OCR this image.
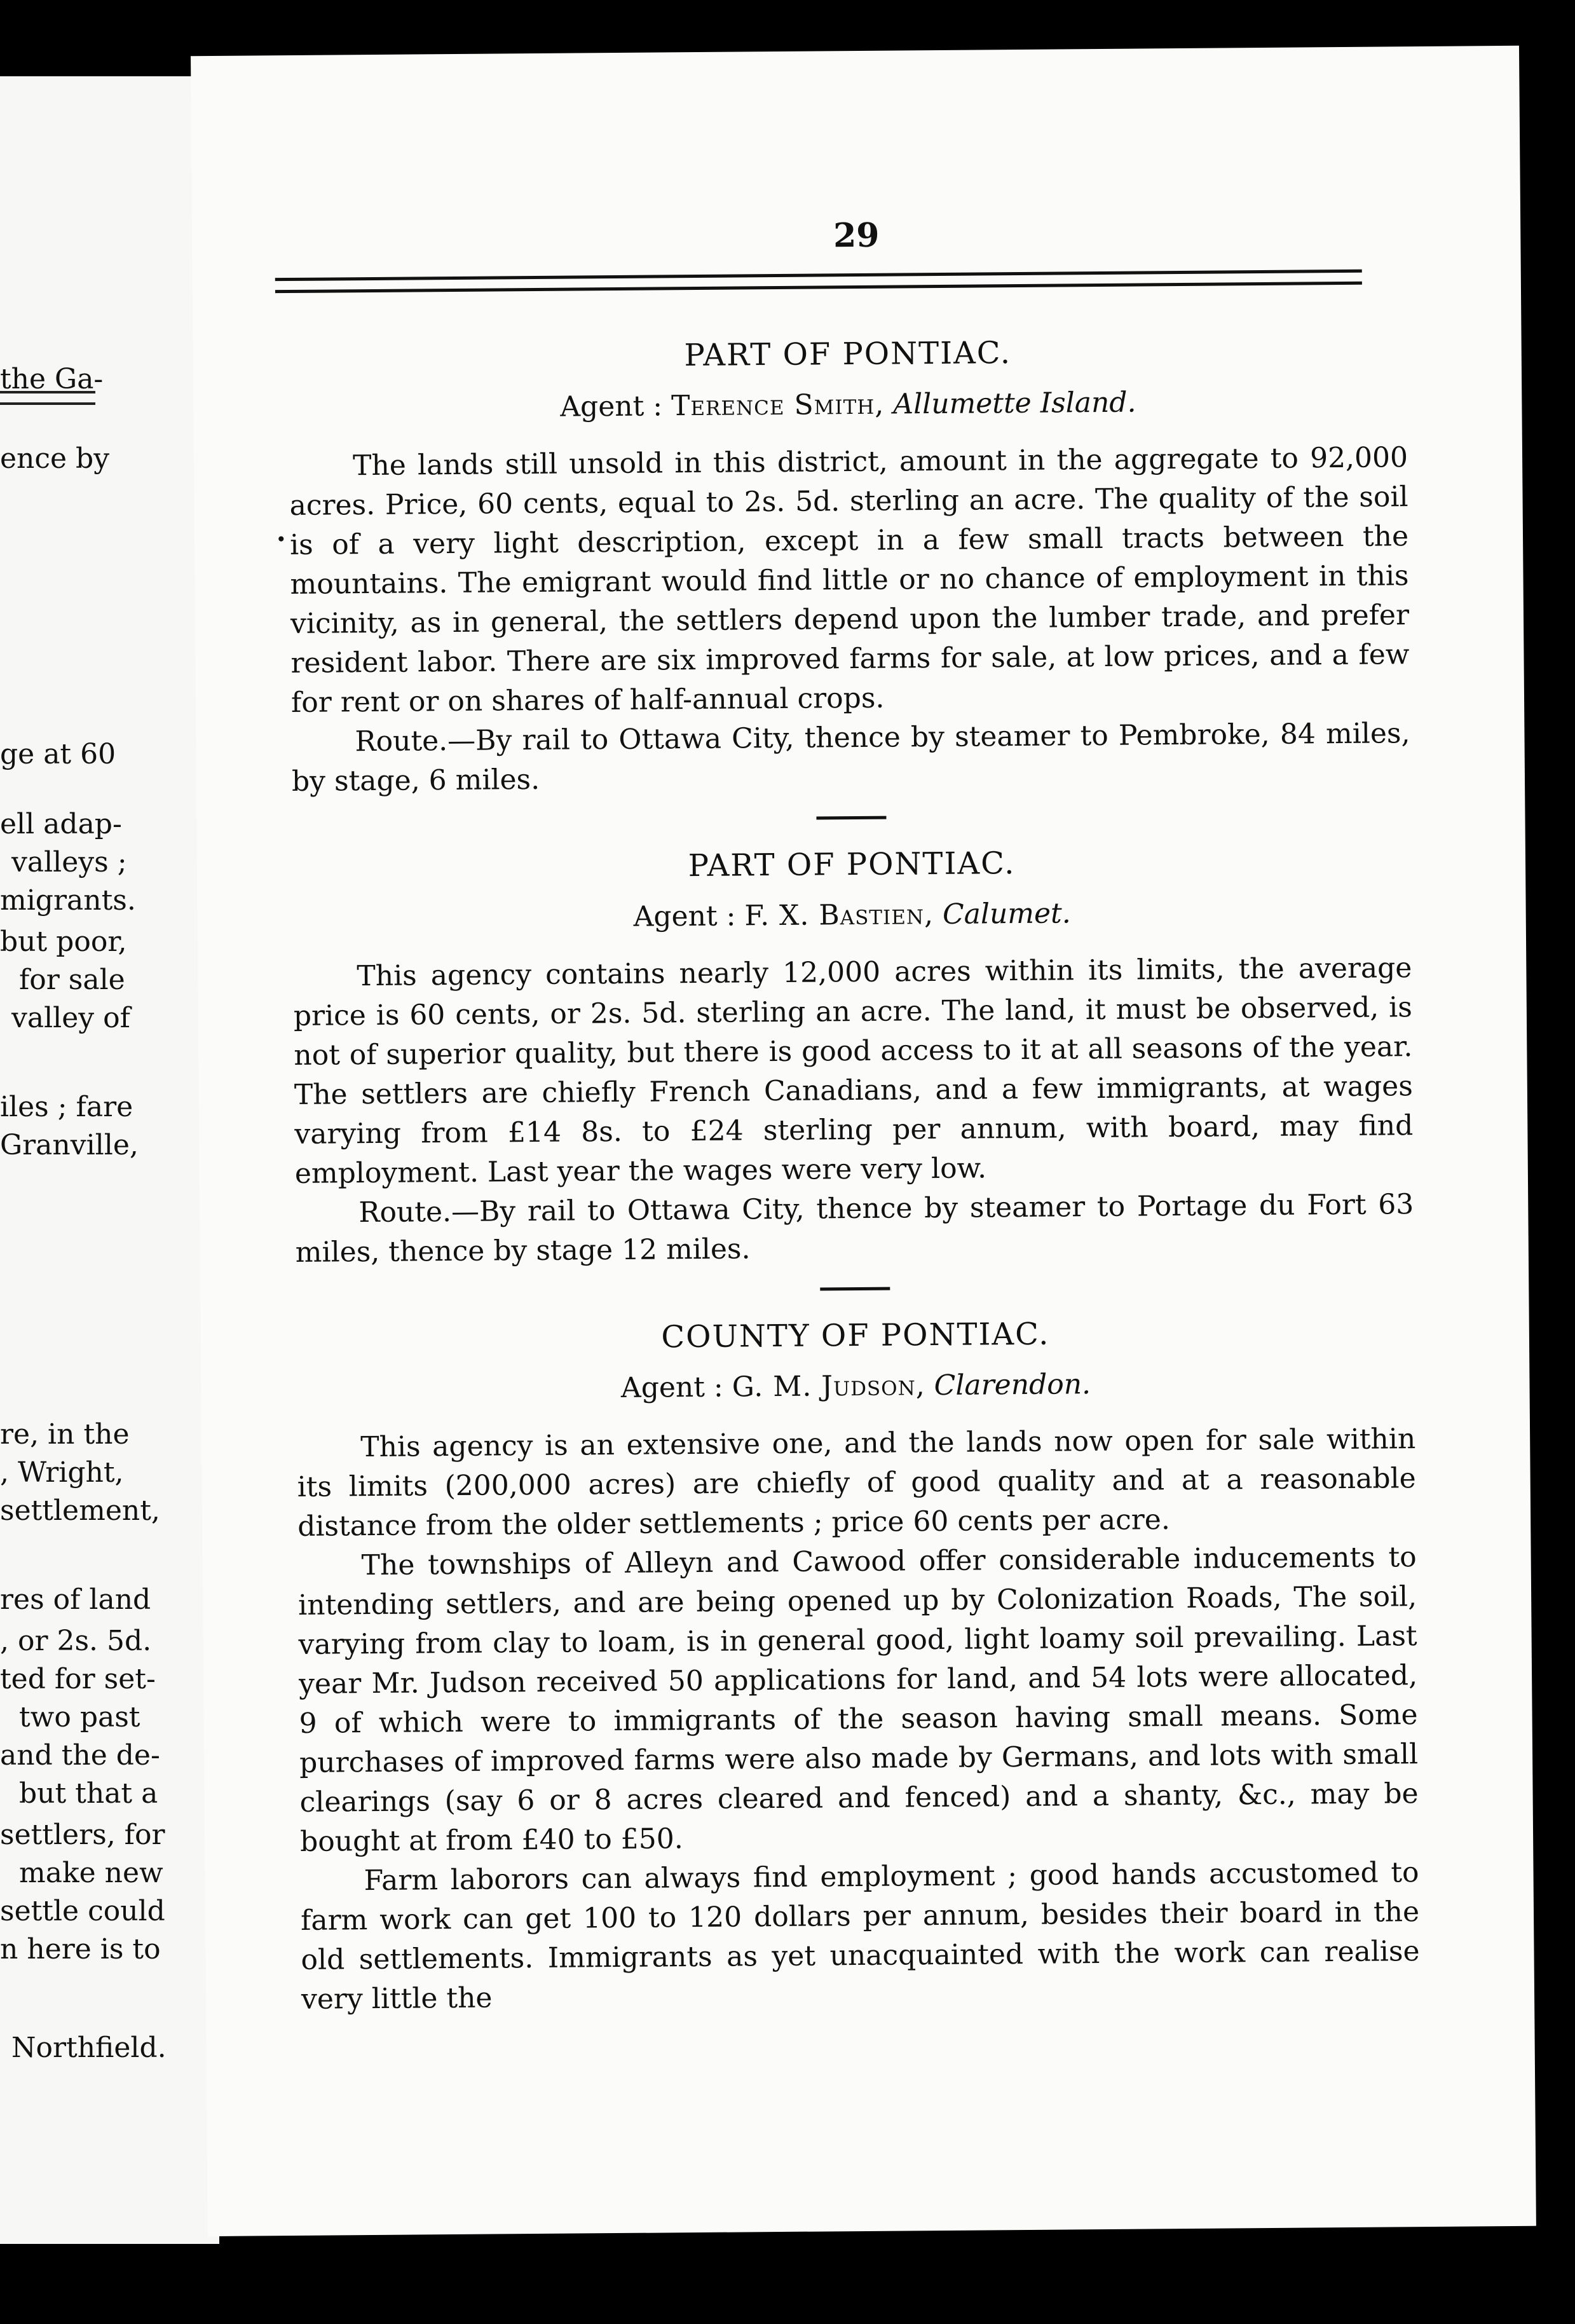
the Ga-
ence by
ge at 60
ell adap-
valleys ;
migrants.
but poor,
for sale
valley of
iles ; fare
Granville,
re, in the
, Wright,
settlement,
res of land
, or 2s. 5d.
ted for set-
two past
and the de-
but that a
settlers, for
make new
settle could
n here is to
Northfield.
29
•
PART OF PONTIAC.
Agent : Terence Smith, Allumette Island.

The lands still unsold in this district, amount in the aggregate to 92,000 acres. Price, 60 cents, equal to 2s. 5d. sterling an acre. The quality of the soil is of a very light description, except in a few small tracts between the mountains. The emigrant would find little or no chance of employment in this vicinity, as in general, the settlers depend upon the lumber trade, and prefer resident labor. There are six improved farms for sale, at low prices, and a few for rent or on shares of half-annual crops.

Route.—By rail to Ottawa City, thence by steamer to Pembroke, 84 miles, by stage, 6 miles.

PART OF PONTIAC.
Agent : F. X. Bastien, Calumet.

This agency contains nearly 12,000 acres within its limits, the average price is 60 cents, or 2s. 5d. sterling an acre. The land, it must be observed, is not of superior quality, but there is good access to it at all seasons of the year. The settlers are chiefly French Canadians, and a few immigrants, at wages varying from £14 8s. to £24 sterling per annum, with board, may find employment. Last year the wages were very low.

Route.—By rail to Ottawa City, thence by steamer to Portage du Fort 63 miles, thence by stage 12 miles.

COUNTY OF PONTIAC.
Agent : G. M. Judson, Clarendon.

This agency is an extensive one, and the lands now open for sale within its limits (200,000 acres) are chiefly of good quality and at a reasonable distance from the older settlements ; price 60 cents per acre.

The townships of Alleyn and Cawood offer considerable inducements to intending settlers, and are being opened up by Colonization Roads, The soil, varying from clay to loam, is in general good, light loamy soil prevailing. Last year Mr. Judson received 50 applications for land, and 54 lots were allocated, 9 of which were to immigrants of the season having small means. Some purchases of improved farms were also made by Germans, and lots with small clearings (say 6 or 8 acres cleared and fenced) and a shanty, &c., may be bought at from £40 to £50.

Farm laborors can always find employment ; good hands accustomed to farm work can get 100 to 120 dollars per annum, besides their board in the old settlements. Immigrants as yet unacquainted with the work can realise very little the
